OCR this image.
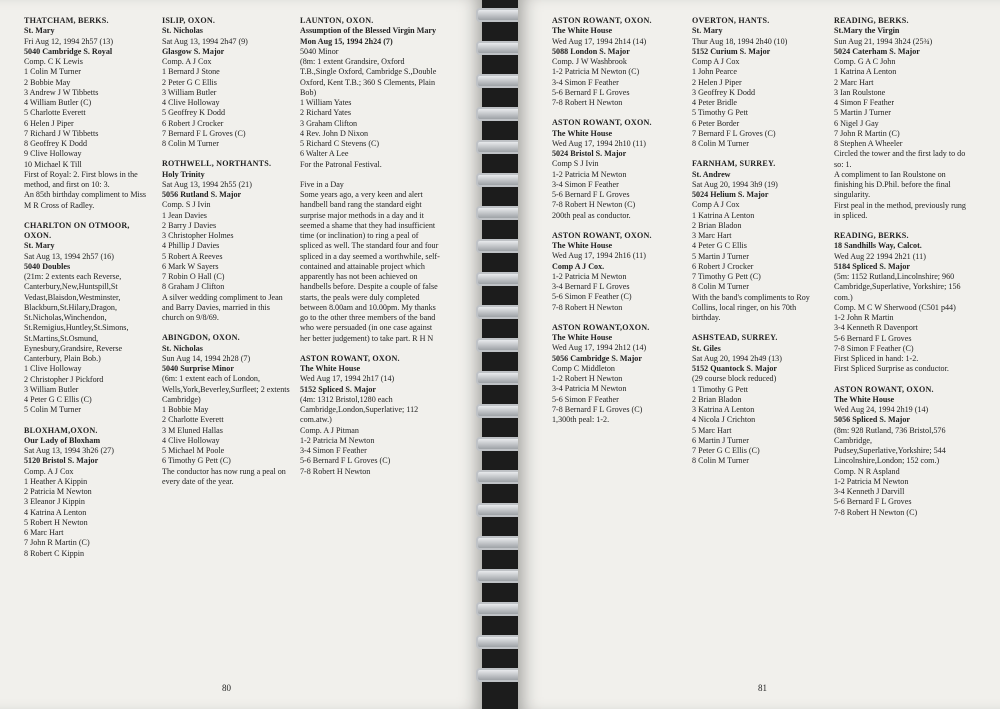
THATCHAM, BERKS.
St. Mary
Fri Aug 12, 1994 2h57 (13)
5040 Cambridge S. Royal
Comp. C K Lewis
1 Colin M Turner
2 Bobbie May
3 Andrew J W Tibbetts
4 William Butler (C)
5 Charlotte Everett
6 Helen J Piper
7 Richard J W Tibbetts
8 Geoffrey K Dodd
9 Clive Holloway
10 Michael K Till
First of Royal: 2. First blows in the method, and first on 10: 3.
An 85th birthday compliment to Miss M R Cross of Radley.
CHARLTON ON OTMOOR, OXON.
St. Mary
Sat Aug 13, 1994 2h57 (16)
5040 Doubles
(21m: 2 extents each Reverse, Canterbury,New,Huntspill,St Vedast,Blaisdon,Westminster, Blackburn,St.Hilary,Dragon, St.Nicholas,Winchendon, St.Remigius,Huntley,St.Simons, St.Martins,St.Osmund, Eynesbury,Grandsire, Reverse Canterbury, Plain Bob.)
1 Clive Holloway
2 Christopher J Pickford
3 William Butler
4 Peter G C Ellis (C)
5 Colin M Turner
BLOXHAM,OXON.
Our Lady of Bloxham
Sat Aug 13, 1994 3h26 (27)
5120 Bristol S. Major
Comp. A J Cox
1 Heather A Kippin
2 Patricia M Newton
3 Eleanor J Kippin
4 Katrina A Lenton
5 Robert H Newton
6 Marc Hart
7 John R Martin (C)
8 Robert C Kippin
ISLIP, OXON.
St. Nicholas
Sat Aug 13, 1994 2h47 (9)
Glasgow S. Major
Comp. A J Cox
1 Bernard J Stone
2 Peter G C Ellis
3 William Butler
4 Clive Holloway
5 Geoffrey K Dodd
6 Robert J Crocker
7 Bernard F L Groves (C)
8 Colin M Turner
ROTHWELL, NORTHANTS.
Holy Trinity
Sat Aug 13, 1994 2h55 (21)
5056 Rutland S. Major
Comp. S J Ivin
1 Jean Davies
2 Barry J Davies
3 Christopher Holmes
4 Phillip J Davies
5 Robert A Reeves
6 Mark W Sayers
7 Robin O Hall (C)
8 Graham J Clifton
A silver wedding compliment to Jean and Barry Davies, married in this church on 9/8/69.
ABINGDON, OXON.
St. Nicholas
Sun Aug 14, 1994 2h28 (7)
5040 Surprise Minor
(6m: 1 extent each of London, Wells,York,Beverley,Surfleet; 2 extents Cambridge)
1 Bobbie May
2 Charlotte Everett
3 M Eluned Hallas
4 Clive Holloway
5 Michael M Poole
6 Timothy G Pett (C)
The conductor has now rung a peal on every date of the year.
LAUNTON, OXON.
Assumption of the Blessed Virgin Mary
Mon Aug 15, 1994 2h24 (7)
5040 Minor
(8m: 1 extent Grandsire, Oxford T.B.,Single Oxford, Cambridge S.,Double Oxford, Kent T.B.; 360 S Clements, Plain Bob)
1 William Yates
2 Richard Yates
3 Graham Clifton
4 Rev. John D Nixon
5 Richard C Stevens (C)
6 Walter A Lee
For the Patronal Festival.
Five in a Day
Some years ago, a very keen and alert handbell band rang the standard eight surprise major methods in a day and it seemed a shame that they had insufficient time (or inclination) to ring a peal of spliced as well. The standard four and four spliced in a day seemed a worthwhile, self-contained and attainable project which apparently has not been achieved on handbells before. Despite a couple of false starts, the peals were duly completed between 8.00am and 10.00pm. My thanks go to the other three members of the band who were persuaded (in one case against her better judgement) to take part. R H N
ASTON ROWANT, OXON.
The White House
Wed Aug 17, 1994 2h17 (14)
5152 Spliced S. Major
(4m: 1312 Bristol,1280 each Cambridge,London,Superlative; 112 com.atw.)
Comp. A J Pitman
1-2 Patricia M Newton
3-4 Simon F Feather
5-6 Bernard F L Groves (C)
7-8 Robert H Newton
80
ASTON ROWANT, OXON.
The White House
Wed Aug 17, 1994 2h14 (14)
5088 London S. Major
Comp. J W Washbrook
1-2 Patricia M Newton (C)
3-4 Simon F Feather
5-6 Bernard F L Groves
7-8 Robert H Newton
ASTON ROWANT, OXON.
The White House
Wed Aug 17, 1994 2h10 (11)
5024 Bristol S. Major
Comp S J Ivin
1-2 Patricia M Newton
3-4 Simon F Feather
5-6 Bernard F L Groves
7-8 Robert H Newton (C)
200th peal as conductor.
ASTON ROWANT, OXON.
The White House
Wed Aug 17, 1994 2h16 (11)
Comp A J Cox.
1-2 Patricia M Newton
3-4 Bernard F L Groves
5-6 Simon F Feather (C)
7-8 Robert H Newton
ASTON ROWANT,OXON.
The White House
Wed Aug 17, 1994 2h12 (14)
5056 Cambridge S. Major
Comp C Middleton
1-2 Robert H Newton
3-4 Patricia M Newton
5-6 Simon F Feather
7-8 Bernard F L Groves (C)
1,300th peal: 1-2.
OVERTON, HANTS.
St. Mary
Thur Aug 18, 1994 2h40 (10)
5152 Curium S. Major
Comp A J Cox
1 John Pearce
2 Helen J Piper
3 Geoffrey K Dodd
4 Peter Bridle
5 Timothy G Pett
6 Peter Border
7 Bernard F L Groves (C)
8 Colin M Turner
FARNHAM, SURREY.
St. Andrew
Sat Aug 20, 1994 3h9 (19)
5024 Helium S. Major
Comp A J Cox
1 Katrina A Lenton
2 Brian Bladon
3 Marc Hart
4 Peter G C Ellis
5 Martin J Turner
6 Robert J Crocker
7 Timothy G Pett (C)
8 Colin M Turner
With the band's compliments to Roy Collins, local ringer, on his 70th birthday.
ASHSTEAD, SURREY.
St. Giles
Sat Aug 20, 1994 2h49 (13)
5152 Quantock S. Major
(29 course block reduced)
1 Timothy G Pett
2 Brian Bladon
3 Katrina A Lenton
4 Nicola J Crichton
5 Marc Hart
6 Martin J Turner
7 Peter G C Ellis (C)
8 Colin M Turner
READING, BERKS.
St.Mary the Virgin
Sun Aug 21, 1994 3h24 (25¾)
5024 Caterham S. Major
Comp. G A C John
1 Katrina A Lenton
2 Marc Hart
3 Ian Roulstone
4 Simon F Feather
5 Martin J Turner
6 Nigel J Gay
7 John R Martin (C)
8 Stephen A Wheeler
Circled the tower and the first lady to do so: 1.
A compliment to Ian Roulstone on finishing his D.Phil. before the final singularity.
First peal in the method, previously rung in spliced.
READING, BERKS.
18 Sandhills Way, Calcot.
Wed Aug 22 1994 2h21 (11)
5184 Spliced S. Major
(5m: 1152 Rutland,Lincolnshire; 960 Cambridge,Superlative, Yorkshire; 156 com.)
Comp. M C W Sherwood (C501 p44)
1-2 John R Martin
3-4 Kenneth R Davenport
5-6 Bernard F L Groves
7-8 Simon F Feather (C)
First Spliced in hand: 1-2.
First Spliced Surprise as conductor.
ASTON ROWANT, OXON.
The White House
Wed Aug 24, 1994 2h19 (14)
5056 Spliced S. Major
(8m: 928 Rutland, 736 Bristol,576 Cambridge, Pudsey,Superlative,Yorkshire; 544 Lincolnshire,London; 152 com.)
Comp. N R Aspland
1-2 Patricia M Newton
3-4 Kenneth J Darvill
5-6 Bernard F L Groves
7-8 Robert H Newton (C)
81
